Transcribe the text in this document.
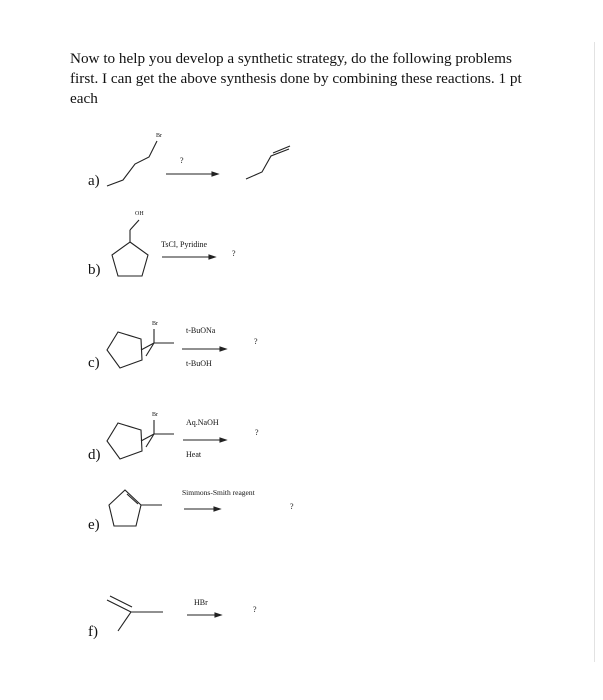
Now to help you develop a synthetic strategy, do the following problems first. I can get the above synthesis done by combining these reactions. 1 pt each

a)
Br
?
b)
OH
TsCl, Pyridine
?
c)
Br
t-BuONa
t-BuOH
?
d)
Br
Aq.NaOH
Heat
?
e)
Simmons-Smith reagent
?
f)
HBr
?
